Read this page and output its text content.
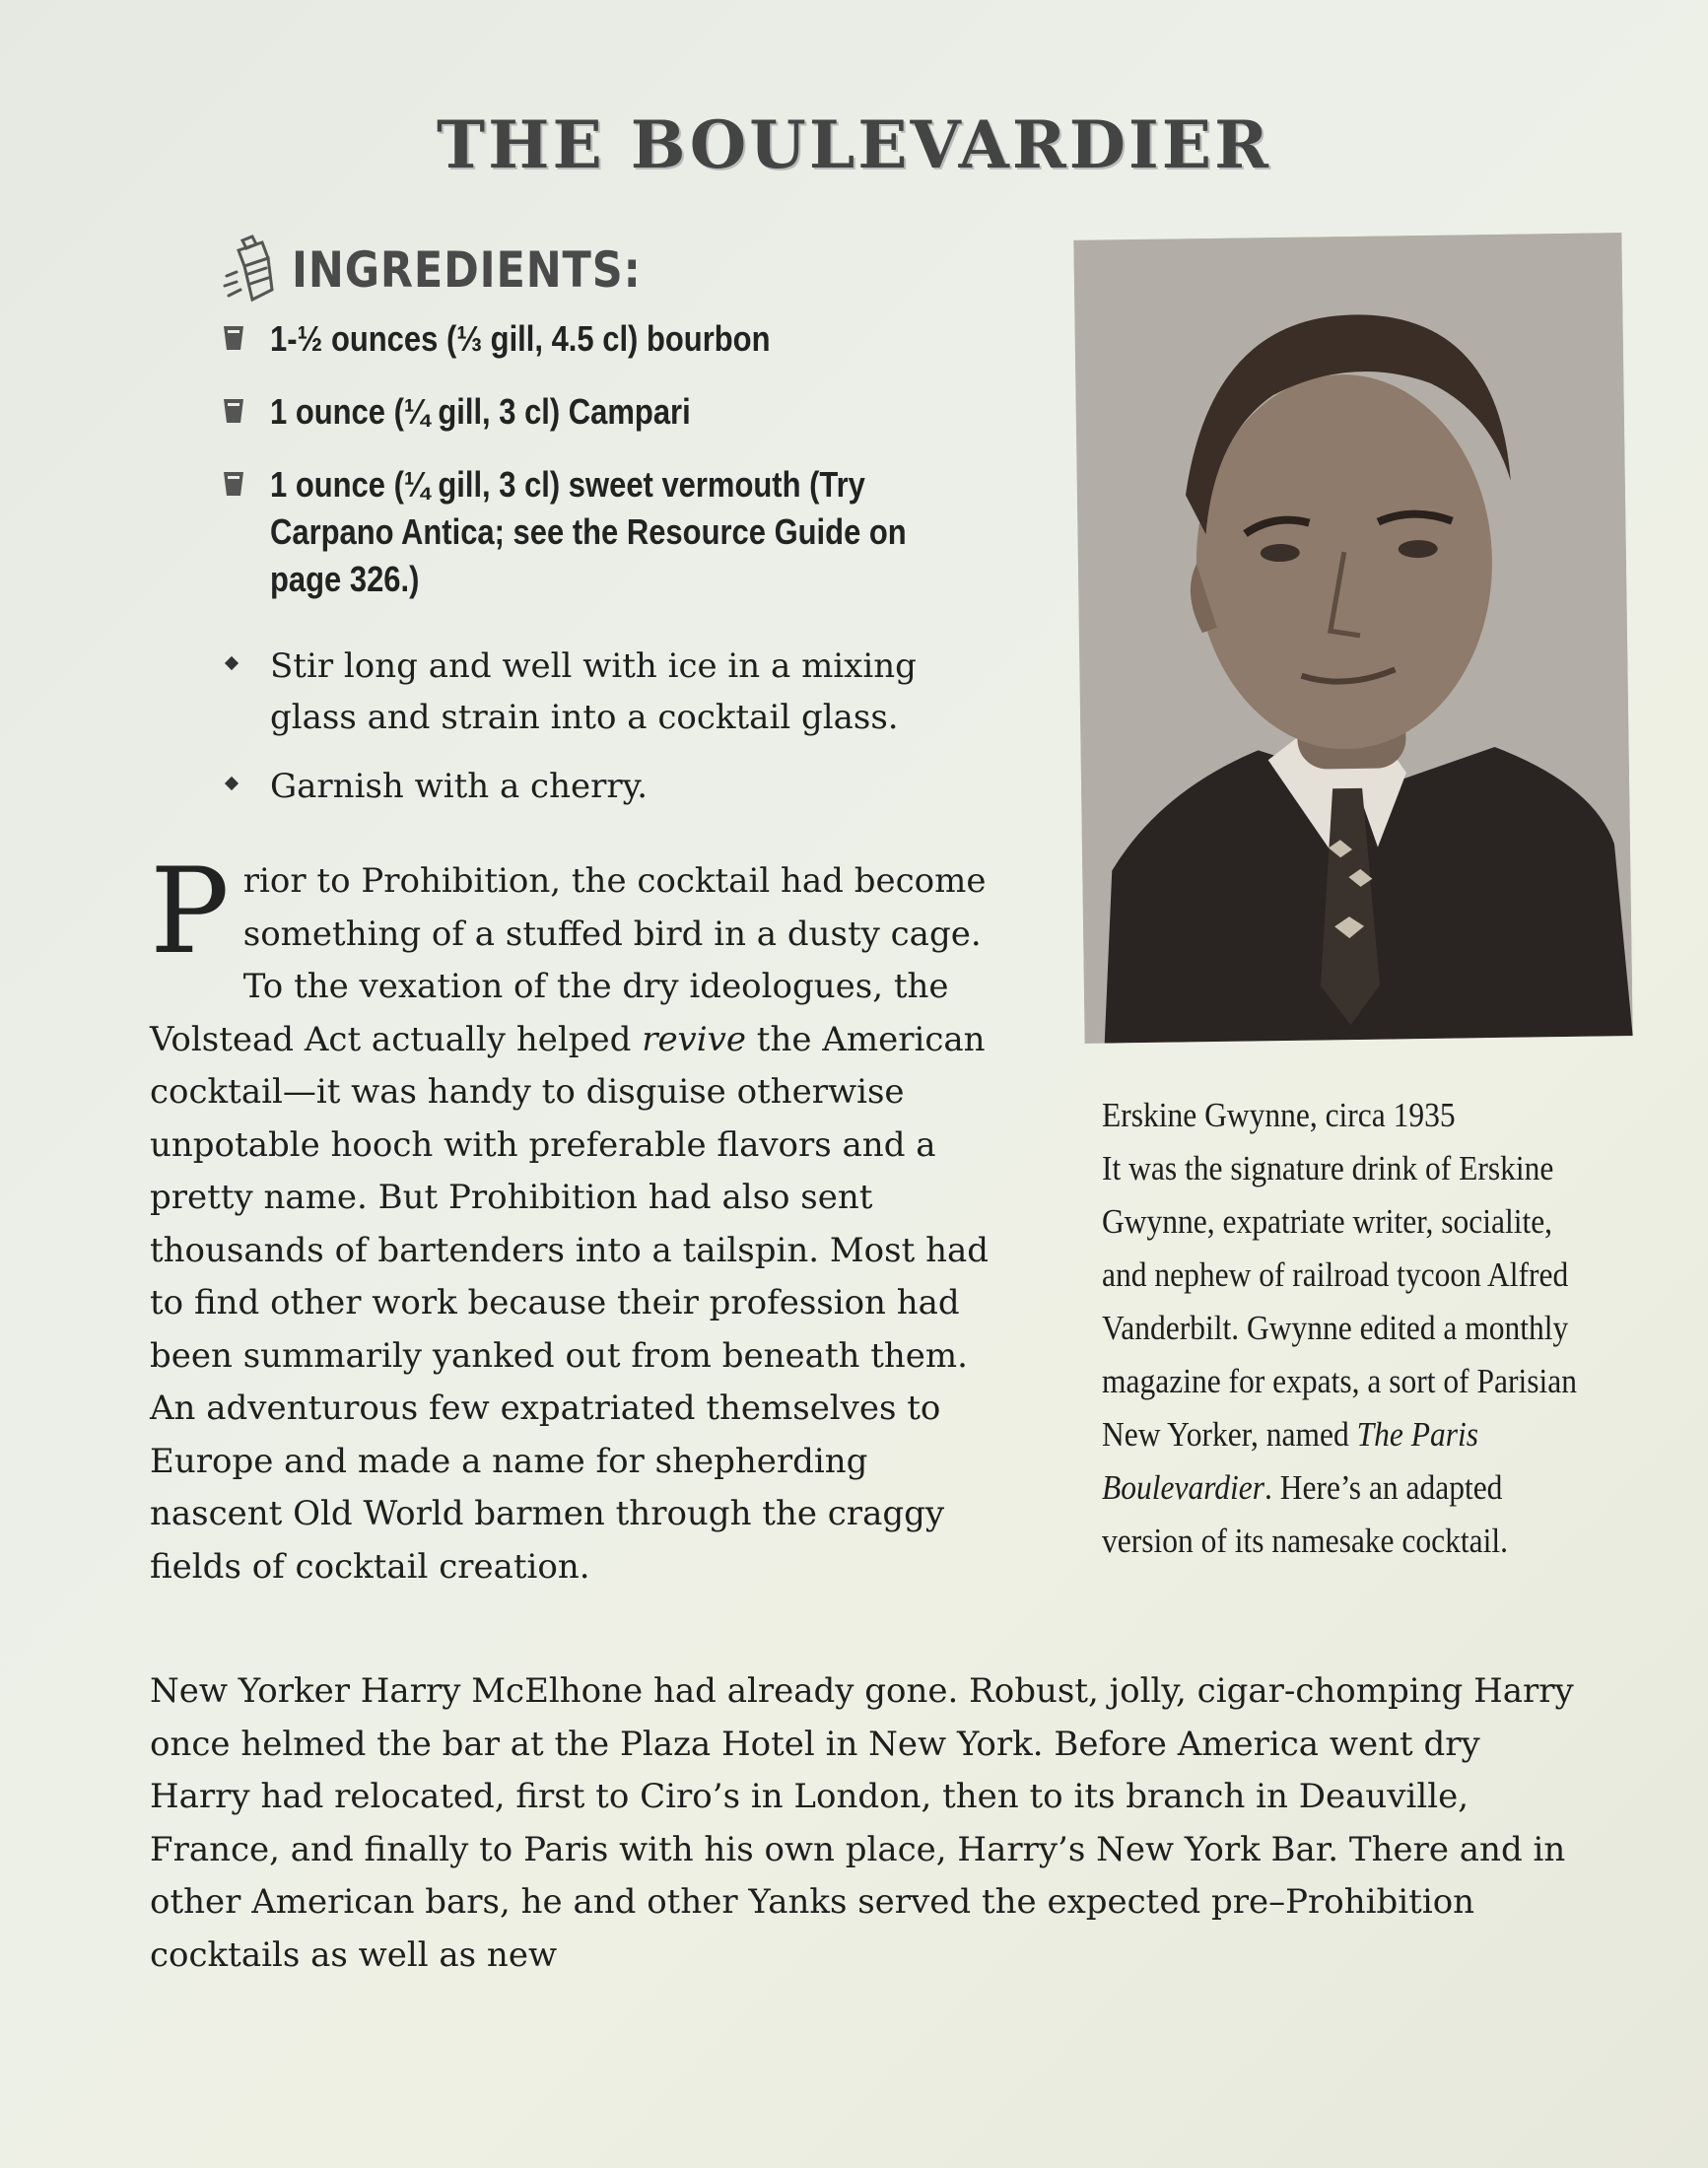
THE BOULEVARDIER
INGREDIENTS:
1-½ ounces (⅓ gill, 4.5 cl) bourbon
1 ounce (¼ gill, 3 cl) Campari
1 ounce (¼ gill, 3 cl) sweet vermouth (Try Carpano Antica; see the Resource Guide on page 326.)
Stir long and well with ice in a mixing glass and strain into a cocktail glass.
Garnish with a cherry.

Prior to Prohibition, the cocktail had become something of a stuffed bird in a dusty cage. To the vexation of the dry ideologues, the Volstead Act actually helped revive the American cocktail—it was handy to disguise otherwise unpotable hooch with preferable flavors and a pretty name. But Prohibition had also sent thousands of bartenders into a tailspin. Most had to find other work because their profession had been summarily yanked out from beneath them. An adventurous few expatriated themselves to Europe and made a name for shepherding nascent Old World barmen through the craggy fields of cocktail creation.

Erskine Gwynne, circa 1935
It was the signature drink of Erskine Gwynne, expatriate writer, socialite, and nephew of railroad tycoon Alfred Vanderbilt. Gwynne edited a monthly magazine for expats, a sort of Parisian New Yorker, named The Paris Boulevardier. Here’s an adapted version of its namesake cocktail.

New Yorker Harry McElhone had already gone. Robust, jolly, cigar-chomping Harry once helmed the bar at the Plaza Hotel in New York. Before America went dry Harry had relocated, first to Ciro’s in London, then to its branch in Deauville, France, and finally to Paris with his own place, Harry’s New York Bar. There and in other American bars, he and other Yanks served the expected pre–Prohibition cocktails as well as new
